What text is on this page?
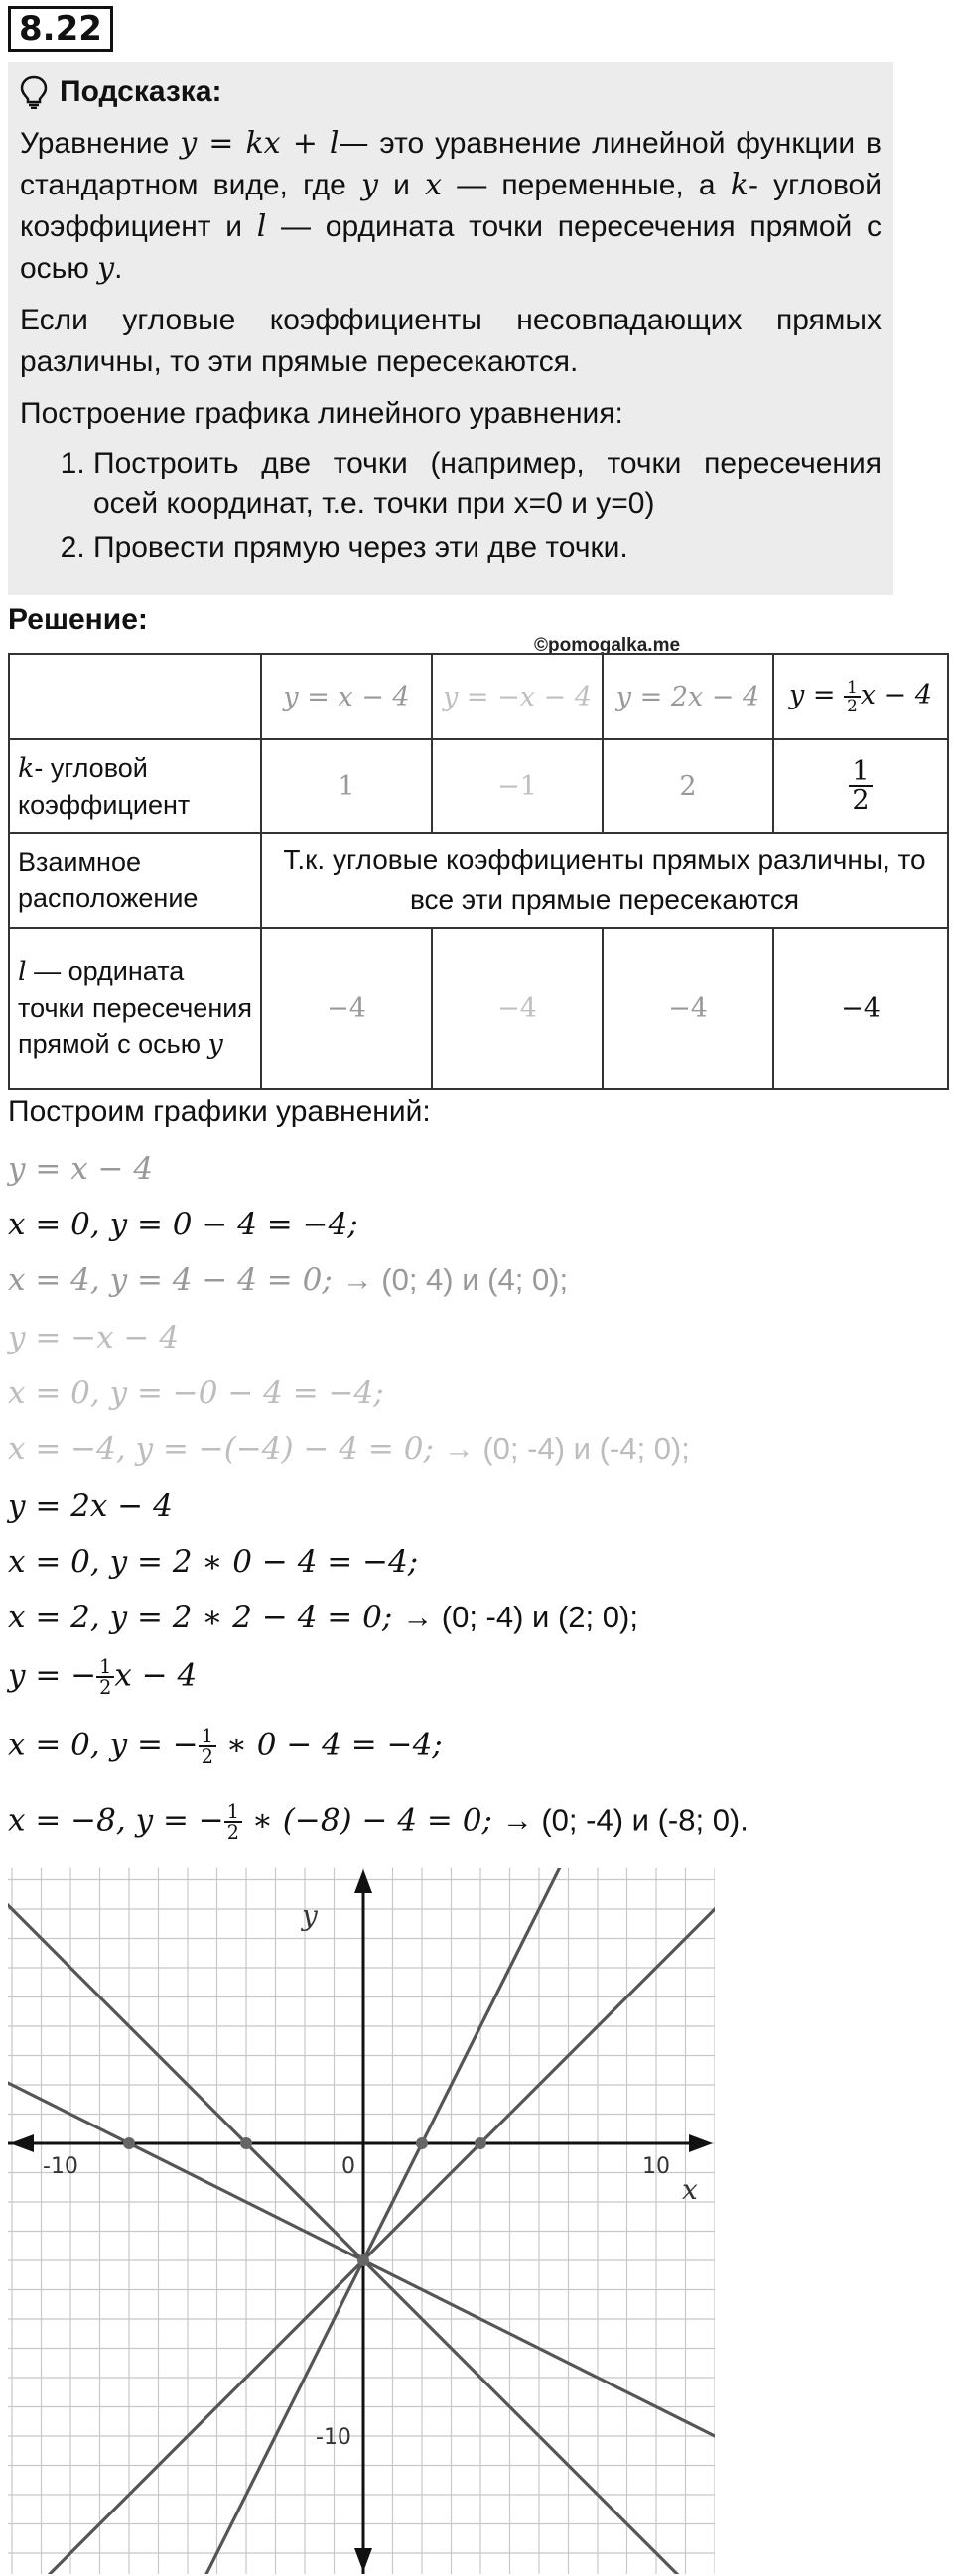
8.22
Подсказка:

Уравнение y = kx + l— это уравнение линейной функции в стандартном виде, где y и x — переменные, а k- угловой коэффициент и l — ордината точки пересечения прямой с осью y.

Если угловые коэффициенты несовпадающих прямых различны, то эти прямые пересекаются.

Построение графика линейного уравнения:

1. Построить две точки (например, точки пересечения осей координат, т.е. точки при x=0 и y=0)
2. Провести прямую через эти две точки.
Решение:
©pomogalka.me
	y = x − 4	y = −x − 4	y = 2x − 4	$y = \frac{1}{2}$ x − 4
k- угловой коэффициент	1	−1	2	$\frac{1}{2}$

Взаимное расположение	Т.к. угловые коэффициенты прямых различны, то все эти прямые пересекаются			
l — ордината точки пересечения прямой с осью y	−4	−4	−4	−4
Построим графики уравнений:
y = x − 4
x = 0, y = 0 − 4 = −4;
x = 4, y = 4 − 4 = 0; → (0; 4) и (4; 0);
y = −x − 4
x = 0, y = −0 − 4 = −4;
x = −4, y = −(−4) − 4 = 0; → (0; -4) и (-4; 0);
y = 2x − 4
x = 0, y = 2 ∗ 0 − 4 = −4;
x = 2, y = 2 ∗ 2 − 4 = 0; → (0; -4) и (2; 0);
y = − $\frac{1}{2}$ x − 4
x = 0, y = − $\frac{1}{2}$ ∗ 0 − 4 = −4;
x = −8, y = − $\frac{1}{2}$ ∗ (−8) − 4 = 0; → (0; -4) и (-8; 0).
-10	0	10
-10
x
y
